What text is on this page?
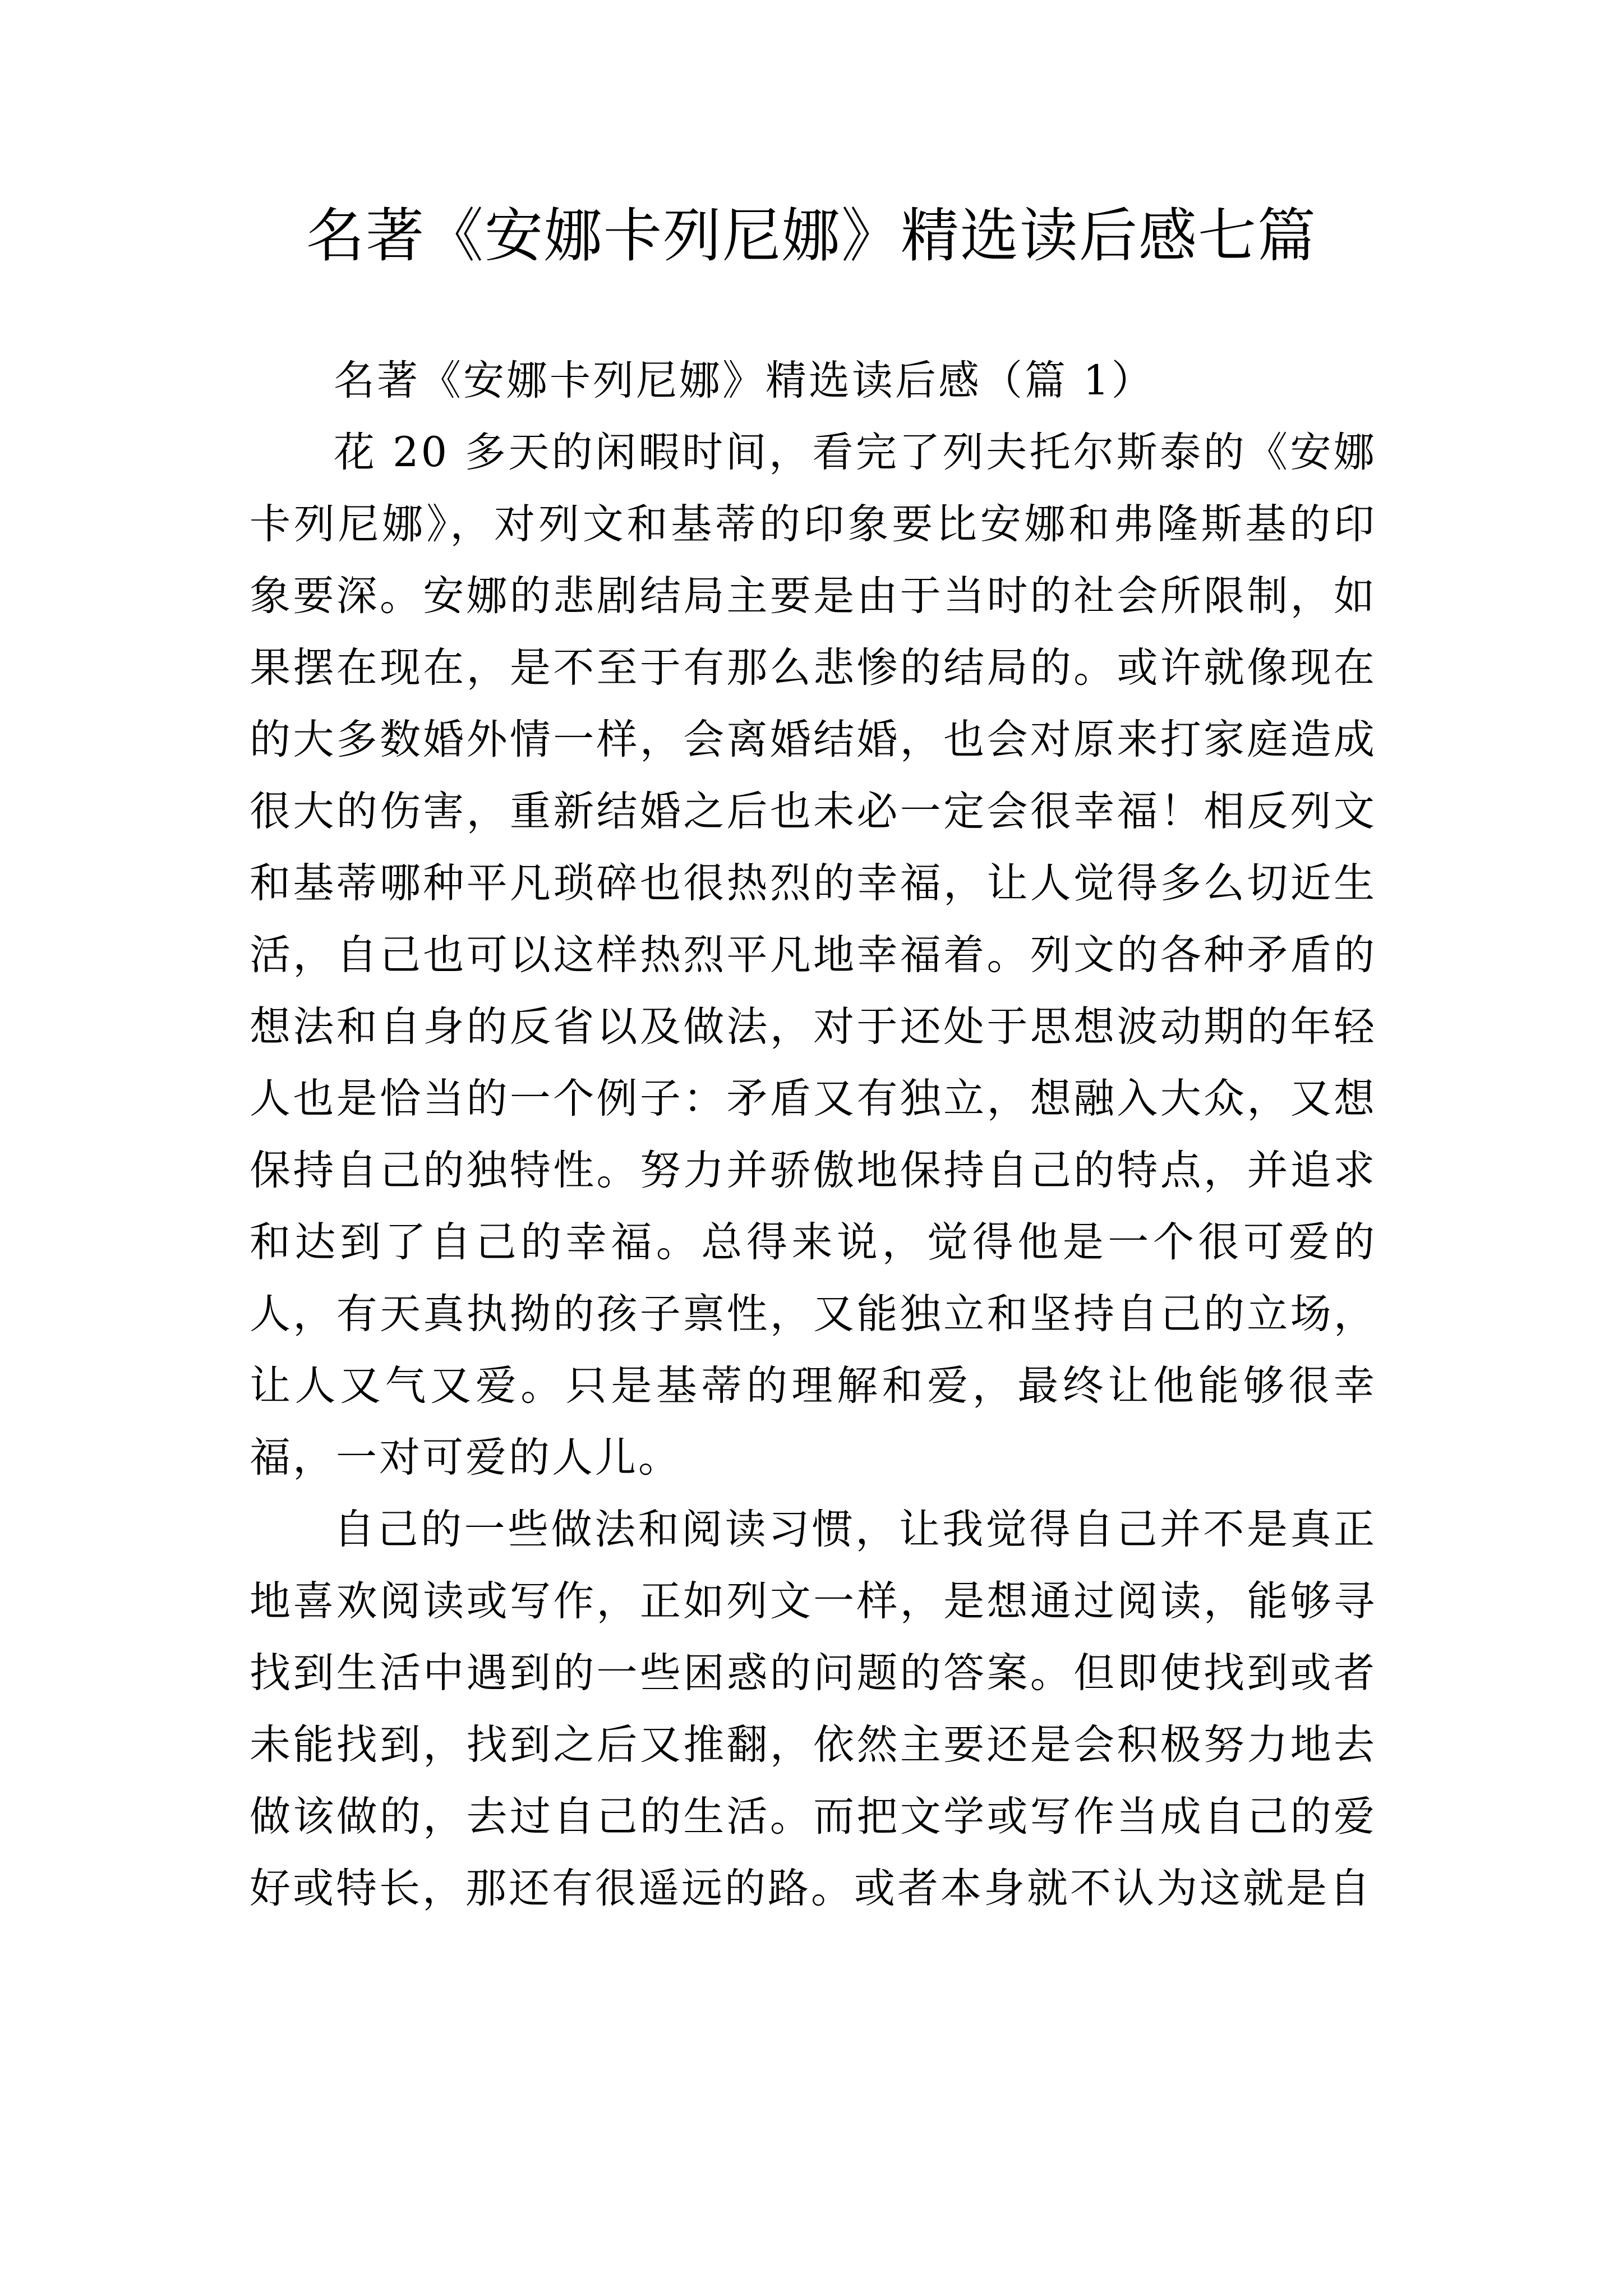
名著《安娜卡列尼娜》精选读后感七篇
名著《安娜卡列尼娜》精选读后感（篇 1）

花 20 多天的闲暇时间，看完了列夫托尔斯泰的《安娜卡列尼娜》，对列文和基蒂的印象要比安娜和弗隆斯基的印象要深。安娜的悲剧结局主要是由于当时的社会所限制，如果摆在现在，是不至于有那么悲惨的结局的。或许就像现在的大多数婚外情一样，会离婚结婚，也会对原来打家庭造成很大的伤害，重新结婚之后也未必一定会很幸福！相反列文和基蒂哪种平凡琐碎也很热烈的幸福，让人觉得多么切近生活，自己也可以这样热烈平凡地幸福着。列文的各种矛盾的想法和自身的反省以及做法，对于还处于思想波动期的年轻人也是恰当的一个例子：矛盾又有独立，想融入大众，又想保持自己的独特性。努力并骄傲地保持自己的特点，并追求和达到了自己的幸福。总得来说，觉得他是一个很可爱的人，有天真执拗的孩子禀性，又能独立和坚持自己的立场，让人又气又爱。只是基蒂的理解和爱，最终让他能够很幸福，一对可爱的人儿。

自己的一些做法和阅读习惯，让我觉得自己并不是真正地喜欢阅读或写作，正如列文一样，是想通过阅读，能够寻找到生活中遇到的一些困惑的问题的答案。但即使找到或者未能找到，找到之后又推翻，依然主要还是会积极努力地去做该做的，去过自己的生活。而把文学或写作当成自己的爱好或特长，那还有很遥远的路。或者本身就不认为这就是自
